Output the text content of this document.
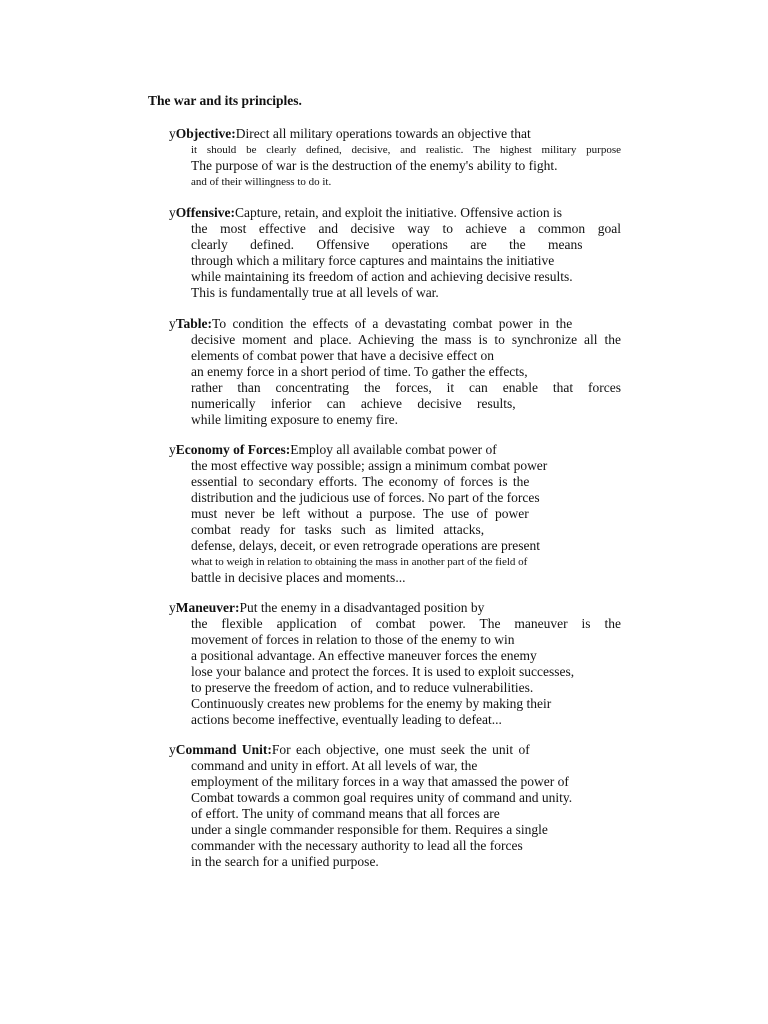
The war and its principles.
yObjective:Direct all military operations towards an objective that
it should be clearly defined, decisive, and realistic. The highest military purpose
The purpose of war is the destruction of the enemy's ability to fight.
and of their willingness to do it.
yOffensive:Capture, retain, and exploit the initiative. Offensive action is
the most effective and decisive way to achieve a common goal
clearly defined. Offensive operations are the means
through which a military force captures and maintains the initiative
while maintaining its freedom of action and achieving decisive results.
This is fundamentally true at all levels of war.
yTable:To condition the effects of a devastating combat power in the
decisive moment and place. Achieving the mass is to synchronize all the
elements of combat power that have a decisive effect on
an enemy force in a short period of time. To gather the effects,
rather than concentrating the forces, it can enable that forces
numerically inferior can achieve decisive results,
while limiting exposure to enemy fire.
yEconomy of Forces:Employ all available combat power of
the most effective way possible; assign a minimum combat power
essential to secondary efforts. The economy of forces is the
distribution and the judicious use of forces. No part of the forces
must never be left without a purpose. The use of power
combat ready for tasks such as limited attacks,
defense, delays, deceit, or even retrograde operations are present
what to weigh in relation to obtaining the mass in another part of the field of
battle in decisive places and moments...
yManeuver:Put the enemy in a disadvantaged position by
the flexible application of combat power. The maneuver is the
movement of forces in relation to those of the enemy to win
a positional advantage. An effective maneuver forces the enemy
lose your balance and protect the forces. It is used to exploit successes,
to preserve the freedom of action, and to reduce vulnerabilities.
Continuously creates new problems for the enemy by making their
actions become ineffective, eventually leading to defeat...
yCommand Unit:For each objective, one must seek the unit of
command and unity in effort. At all levels of war, the
employment of the military forces in a way that amassed the power of
Combat towards a common goal requires unity of command and unity.
of effort. The unity of command means that all forces are
under a single commander responsible for them. Requires a single
commander with the necessary authority to lead all the forces
in the search for a unified purpose.
